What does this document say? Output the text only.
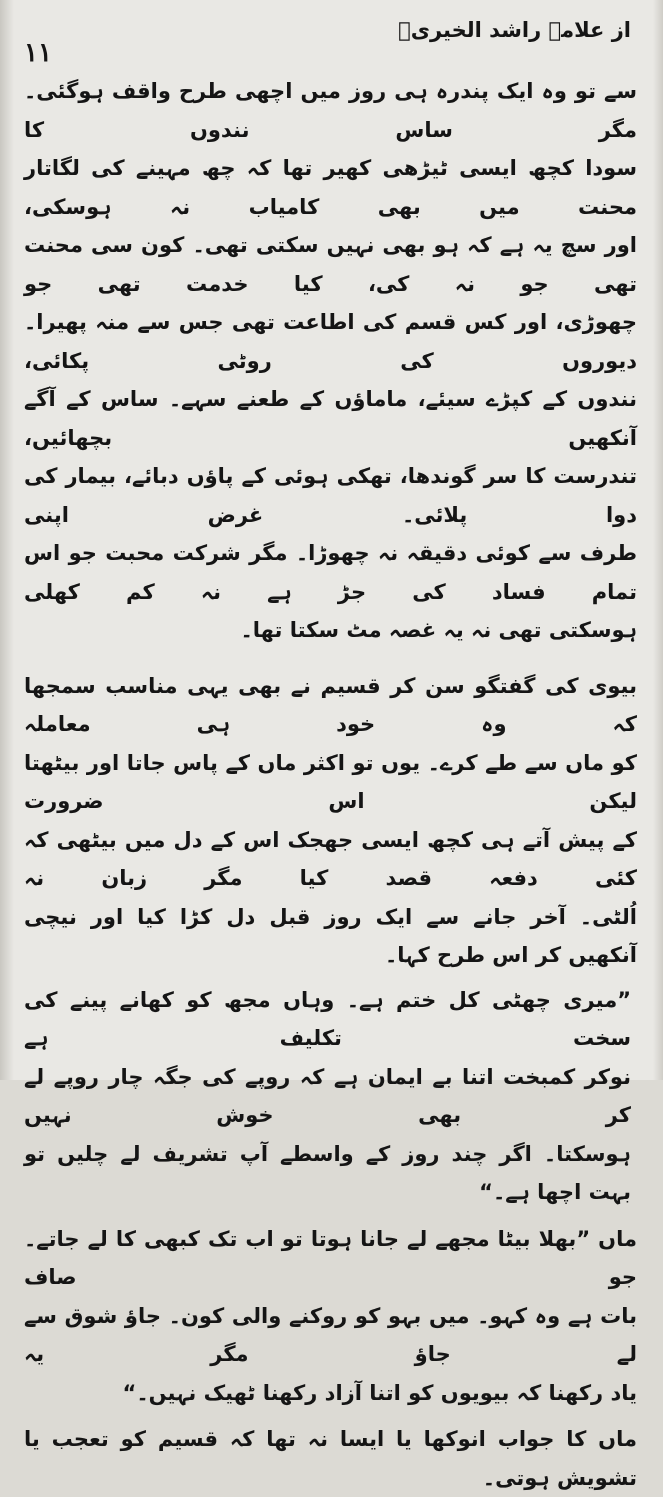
از علامہ راشد الخیریؒ
۱۱

سے تو وہ ایک پندرہ ہی روز میں اچھی طرح واقف ہوگئی۔ مگر ساس نندوں کا
سودا کچھ ایسی ٹیڑھی کھیر تھا کہ چھ مہینے کی لگاتار محنت میں بھی کامیاب نہ ہوسکی،
اور سچ یہ ہے کہ ہو بھی نہیں سکتی تھی۔ کون سی محنت تھی جو نہ کی، کیا خدمت تھی جو
چھوڑی، اور کس قسم کی اطاعت تھی جس سے منہ پھیرا۔ دیوروں کی روٹی پکائی،
نندوں کے کپڑے سیئے، ماماؤں کے طعنے سہے۔ ساس کے آگے آنکھیں بچھائیں،
تندرست کا سر گوندھا، تھکی ہوئی کے پاؤں دبائے، بیمار کی دوا پلائی۔ غرض اپنی
طرف سے کوئی دقیقہ نہ چھوڑا۔ مگر شرکت محبت جو اس تمام فساد کی جڑ ہے نہ کم کھلی
ہوسکتی تھی نہ یہ غصہ مٹ سکتا تھا۔

بیوی کی گفتگو سن کر قسیم نے بھی یہی مناسب سمجھا کہ وہ خود ہی معاملہ
کو ماں سے طے کرے۔ یوں تو اکثر ماں کے پاس جاتا اور بیٹھتا لیکن اس ضرورت
کے پیش آتے ہی کچھ ایسی جھجک اس کے دل میں بیٹھی کہ کئی دفعہ قصد کیا مگر زبان نہ
اُلٹی۔ آخر جانے سے ایک روز قبل دل کڑا کیا اور نیچی آنکھیں کر اس طرح کہا۔

”میری چھٹی کل ختم ہے۔ وہاں مجھ کو کھانے پینے کی سخت تکلیف ہے
نوکر کمبخت اتنا بے ایمان ہے کہ روپے کی جگہ چار روپے لے کر بھی خوش نہیں
ہوسکتا۔ اگر چند روز کے واسطے آپ تشریف لے چلیں تو بہت اچھا ہے۔“

ماں ”بھلا بیٹا مجھے لے جانا ہوتا تو اب تک کبھی کا لے جاتے۔ جو صاف
بات ہے وہ کہو۔ میں بہو کو روکنے والی کون۔ جاؤ شوق سے لے جاؤ مگر یہ
یاد رکھنا کہ بیویوں کو اتنا آزاد رکھنا ٹھیک نہیں۔“

ماں کا جواب انوکھا یا ایسا نہ تھا کہ قسیم کو تعجب یا تشویش ہوتی۔
